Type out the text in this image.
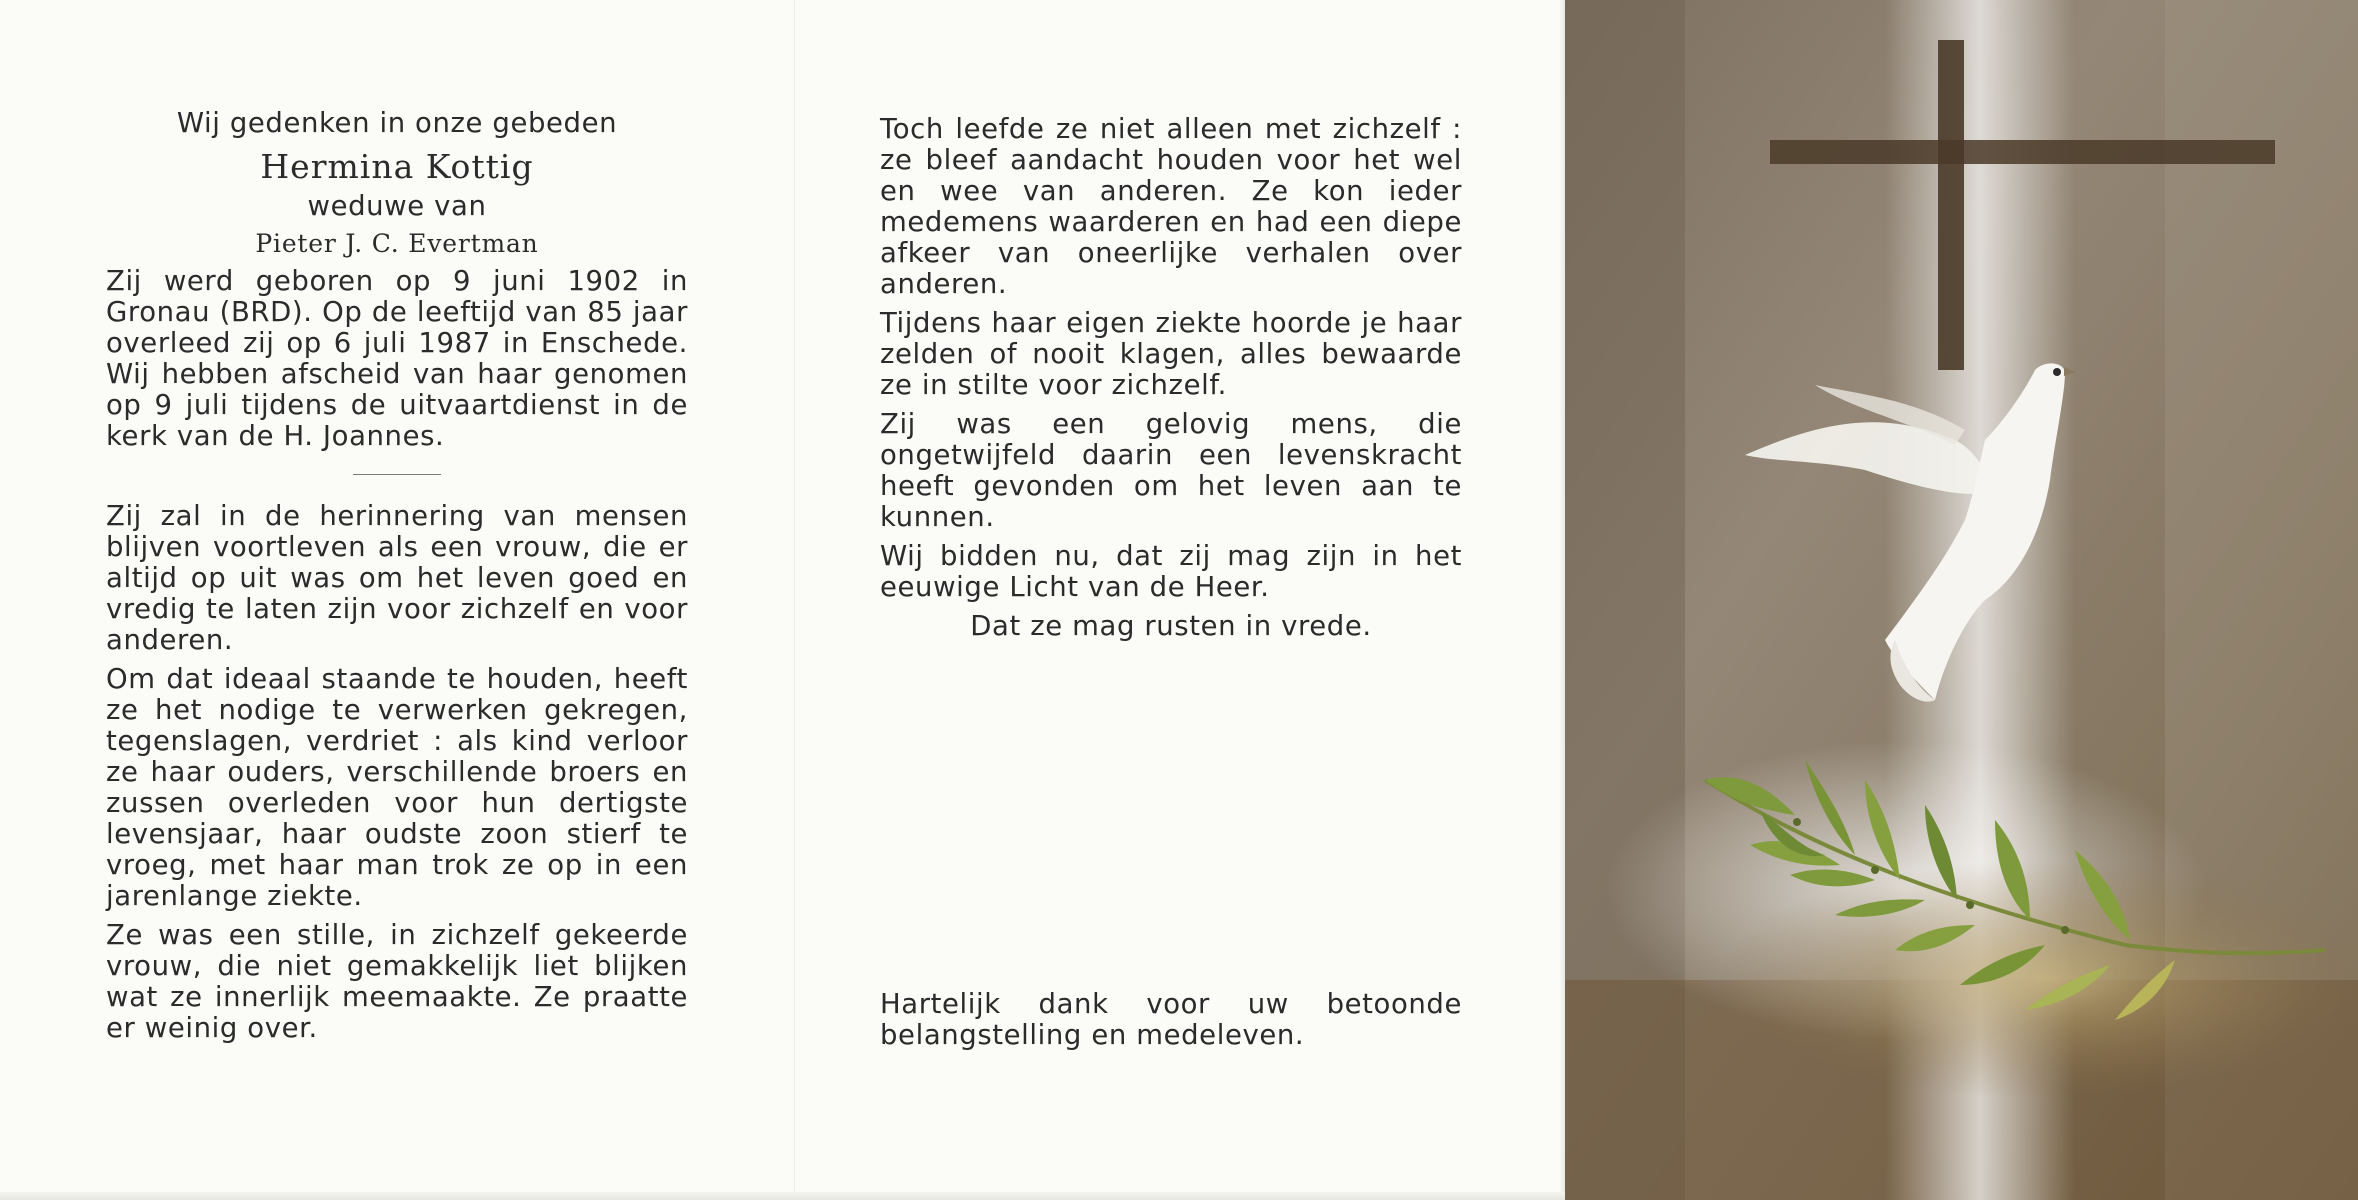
Wij gedenken in onze gebeden

Hermina Kottig

weduwe van

Pieter J. C. Evertman

Zij werd geboren op 9 juni 1902 in Gronau (BRD). Op de leeftijd van 85 jaar overleed zij op 6 juli 1987 in Enschede. Wij hebben afscheid van haar genomen op 9 juli tijdens de uitvaartdienst in de kerk van de H. Joannes.

Zij zal in de herinnering van mensen blijven voortleven als een vrouw, die er altijd op uit was om het leven goed en vredig te laten zijn voor zichzelf en voor anderen.

Om dat ideaal staande te houden, heeft ze het nodige te verwerken gekregen, tegenslagen, verdriet : als kind verloor ze haar ouders, verschillende broers en zussen overleden voor hun dertigste levensjaar, haar oudste zoon stierf te vroeg, met haar man trok ze op in een jarenlange ziekte.

Ze was een stille, in zichzelf gekeerde vrouw, die niet gemakkelijk liet blijken wat ze innerlijk meemaakte. Ze praatte er weinig over.

Toch leefde ze niet alleen met zichzelf : ze bleef aandacht houden voor het wel en wee van anderen. Ze kon ieder medemens waarderen en had een diepe afkeer van oneerlijke verhalen over anderen.

Tijdens haar eigen ziekte hoorde je haar zelden of nooit klagen, alles bewaarde ze in stilte voor zichzelf.

Zij was een gelovig mens, die ongetwijfeld daarin een levenskracht heeft gevonden om het leven aan te kunnen.

Wij bidden nu, dat zij mag zijn in het eeuwige Licht van de Heer.

Dat ze mag rusten in vrede.

Hartelijk dank voor uw betoonde belangstelling en medeleven.
